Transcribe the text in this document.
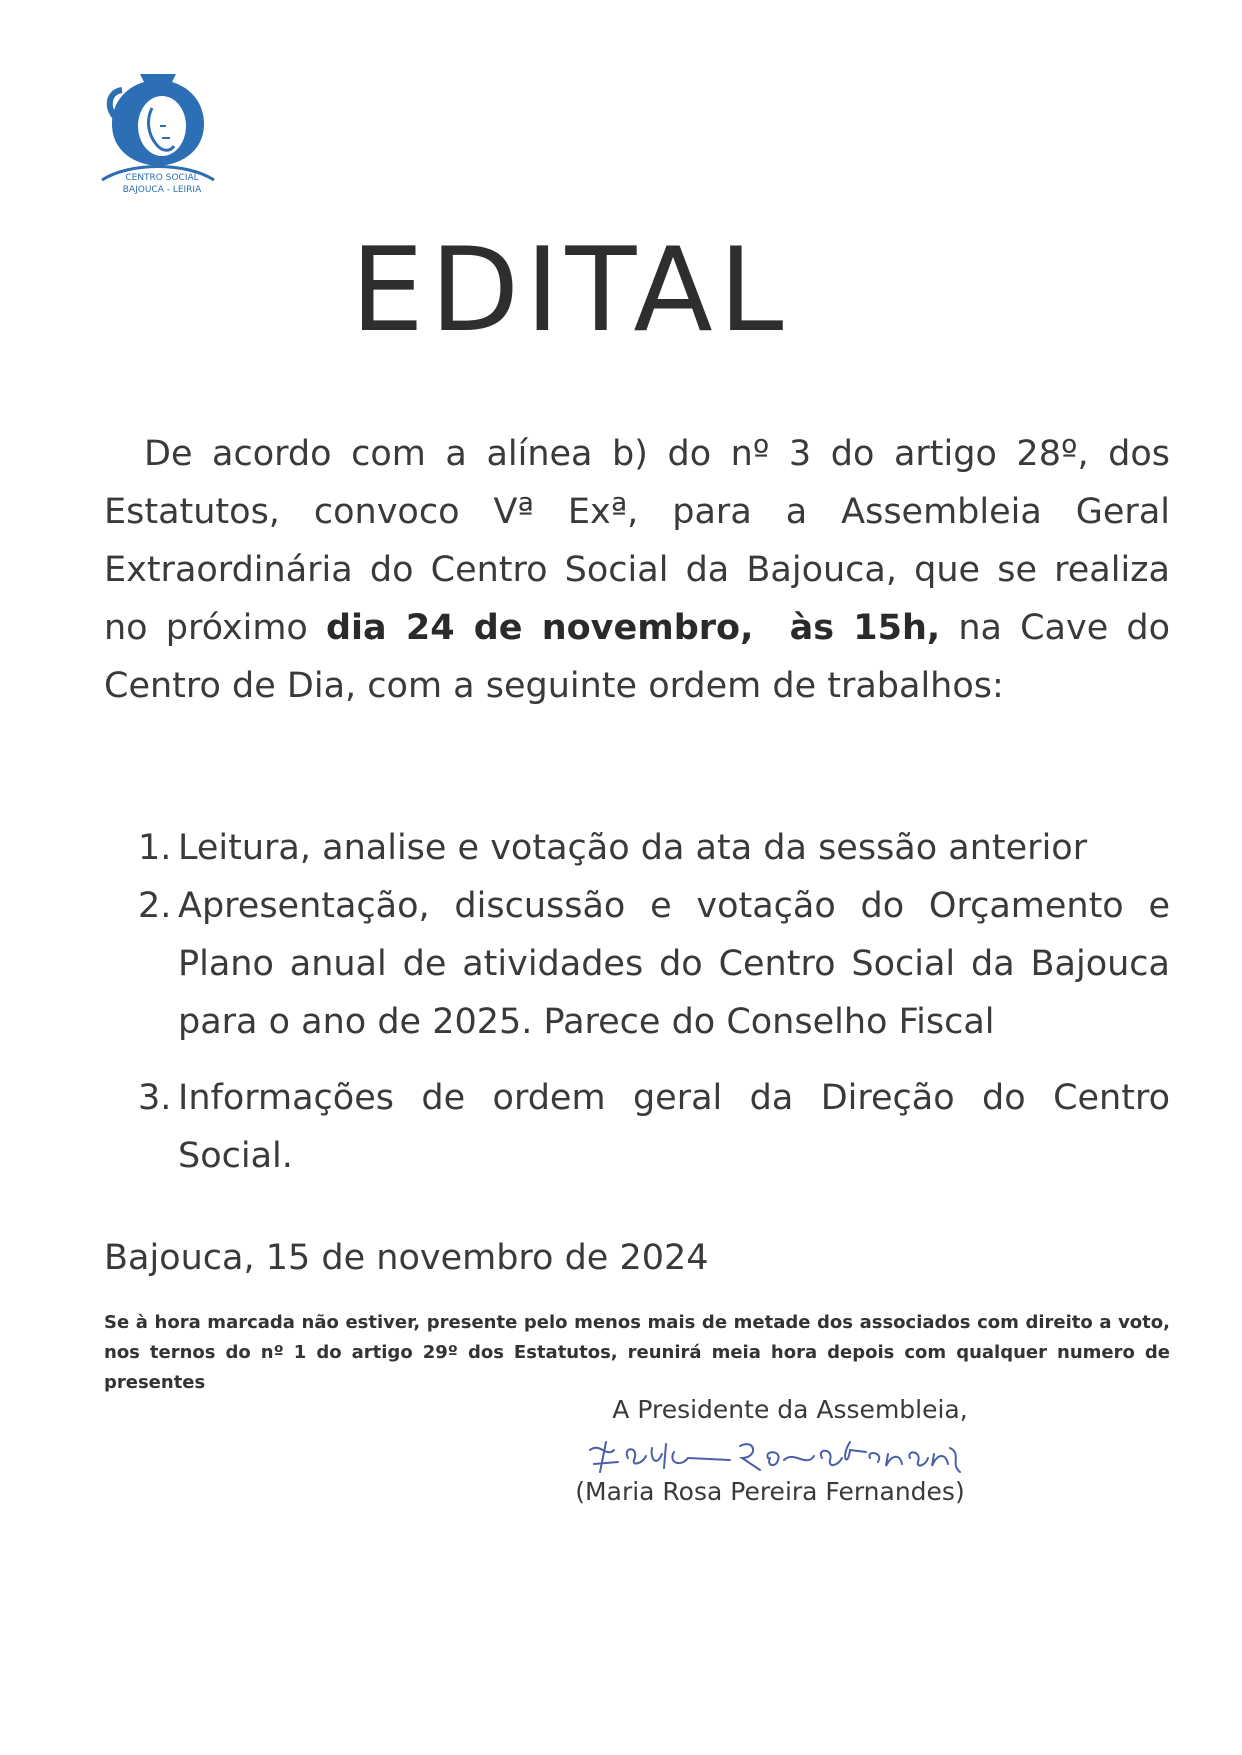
CENTRO SOCIAL
BAJOUCA - LEIRIA
EDITAL

De acordo com a alínea b) do nº 3 do artigo 28º, dos Estatutos, convoco Vª Exª, para a Assembleia Geral Extraordinária do Centro Social da Bajouca, que se realiza no próximo dia 24 de novembro, às 15h, na Cave do Centro de Dia, com a seguinte ordem de trabalhos:

1. Leitura, analise e votação da ata da sessão anterior
2. Apresentação, discussão e votação do Orçamento e Plano anual de atividades do Centro Social da Bajouca para o ano de 2025. Parece do Conselho Fiscal
3. Informações de ordem geral da Direção do Centro Social.

Bajouca, 15 de novembro de 2024

Se à hora marcada não estiver, presente pelo menos mais de metade dos associados com direito a voto, nos ternos do nº 1 do artigo 29º dos Estatutos, reunirá meia hora depois com qualquer numero de presentes

A Presidente da Assembleia,
(Maria Rosa Pereira Fernandes)
